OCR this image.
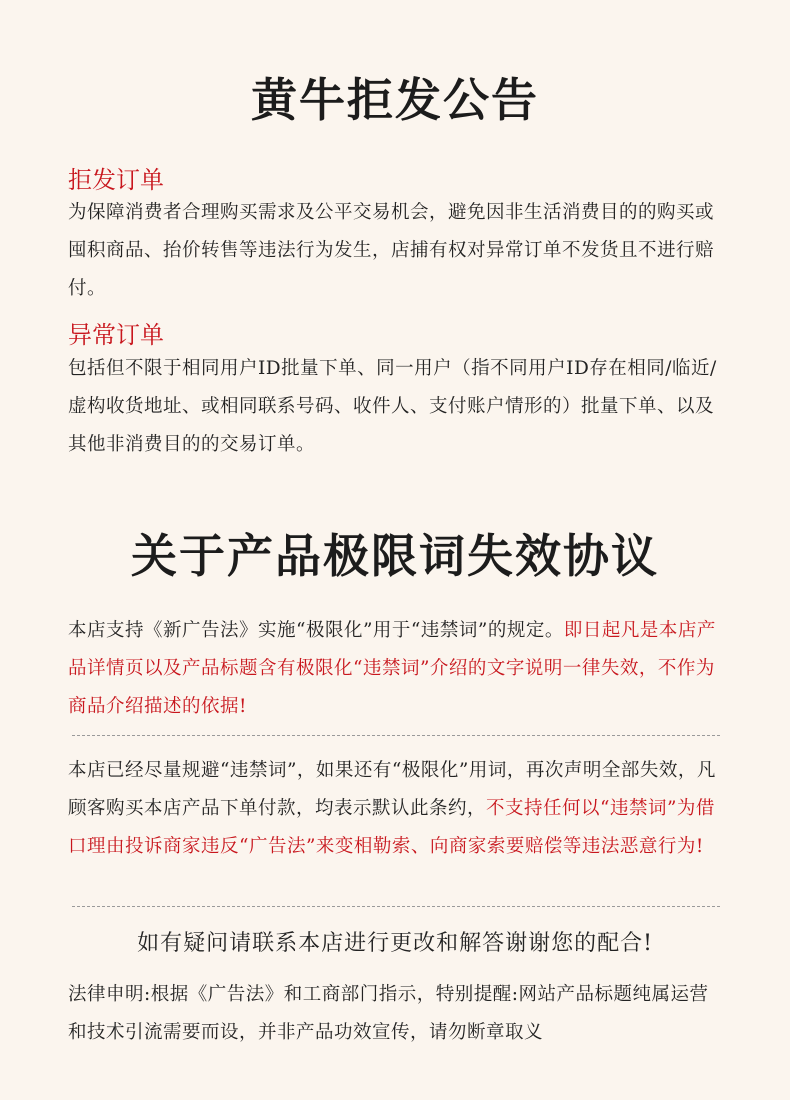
黄牛拒发公告
拒发订单
为保障消费者合理购买需求及公平交易机会，避免因非生活消费目的的购买或囤积商品、抬价转售等违法行为发生，店捕有权对异常订单不发货且不进行赔付。
异常订单
包括但不限于相同用户ID批量下单、同一用户（指不同用户ID存在相同/临近/虚构收货地址、或相同联系号码、收件人、支付账户情形的）批量下单、以及其他非消费目的的交易订单。
关于产品极限词失效协议
本店支持《新广告法》实施“极限化”用于“违禁词”的规定。即日起凡是本店产品详情页以及产品标题含有极限化“违禁词”介绍的文字说明一律失效，不作为商品介绍描述的依据!
本店已经尽量规避“违禁词”，如果还有“极限化”用词，再次声明全部失效，凡顾客购买本店产品下单付款，均表示默认此条约，不支持任何以“违禁词”为借口理由投诉商家违反“广告法”来变相勒索、向商家索要赔偿等违法恶意行为!
如有疑问请联系本店进行更改和解答谢谢您的配合!
法律申明:根据《广告法》和工商部门指示，特别提醒:网站产品标题纯属运营和技术引流需要而设，并非产品功效宣传，请勿断章取义
